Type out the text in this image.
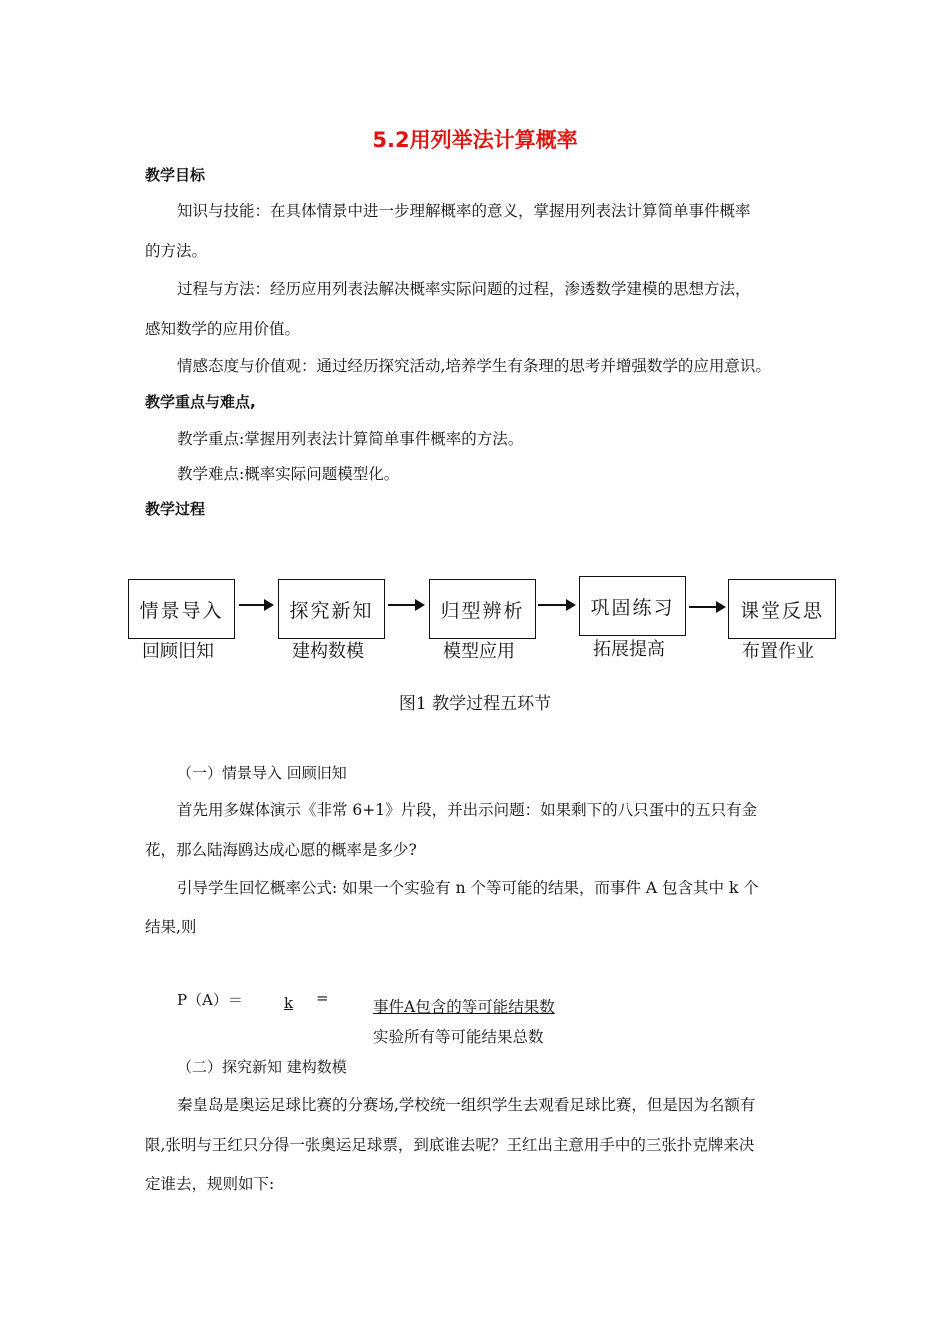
5.2用列举法计算概率
教学目标
知识与技能：在具体情景中进一步理解概率的意义，掌握用列表法计算简单事件概率
的方法。
过程与方法：经历应用列表法解决概率实际问题的过程，渗透数学建模的思想方法，
感知数学的应用价值。
情感态度与价值观：通过经历探究活动,培养学生有条理的思考并增强数学的应用意识。
教学重点与难点,
教学重点:掌握用列表法计算简单事件概率的方法。
教学难点:概率实际问题模型化。
教学过程
情景导入
回顾旧知
探究新知
建构数模
归型辨析
模型应用
巩固练习
拓展提高
课堂反思
布置作业
图1 教学过程五环节
（一）情景导入 回顾旧知
首先用多媒体演示《非常 6+1》片段，并出示问题：如果剩下的八只蛋中的五只有金
花，那么陆海鸥达成心愿的概率是多少?
引导学生回忆概率公式: 如果一个实验有 n 个等可能的结果，而事件 A 包含其中 k 个
结果,则
P（A）＝	k =	事件A包含的等可能结果数
实验所有等可能结果总数
（二）探究新知 建构数模
秦皇岛是奥运足球比赛的分赛场,学校统一组织学生去观看足球比赛，但是因为名额有
限,张明与王红只分得一张奥运足球票，到底谁去呢？王红出主意用手中的三张扑克牌来决
定谁去，规则如下:
